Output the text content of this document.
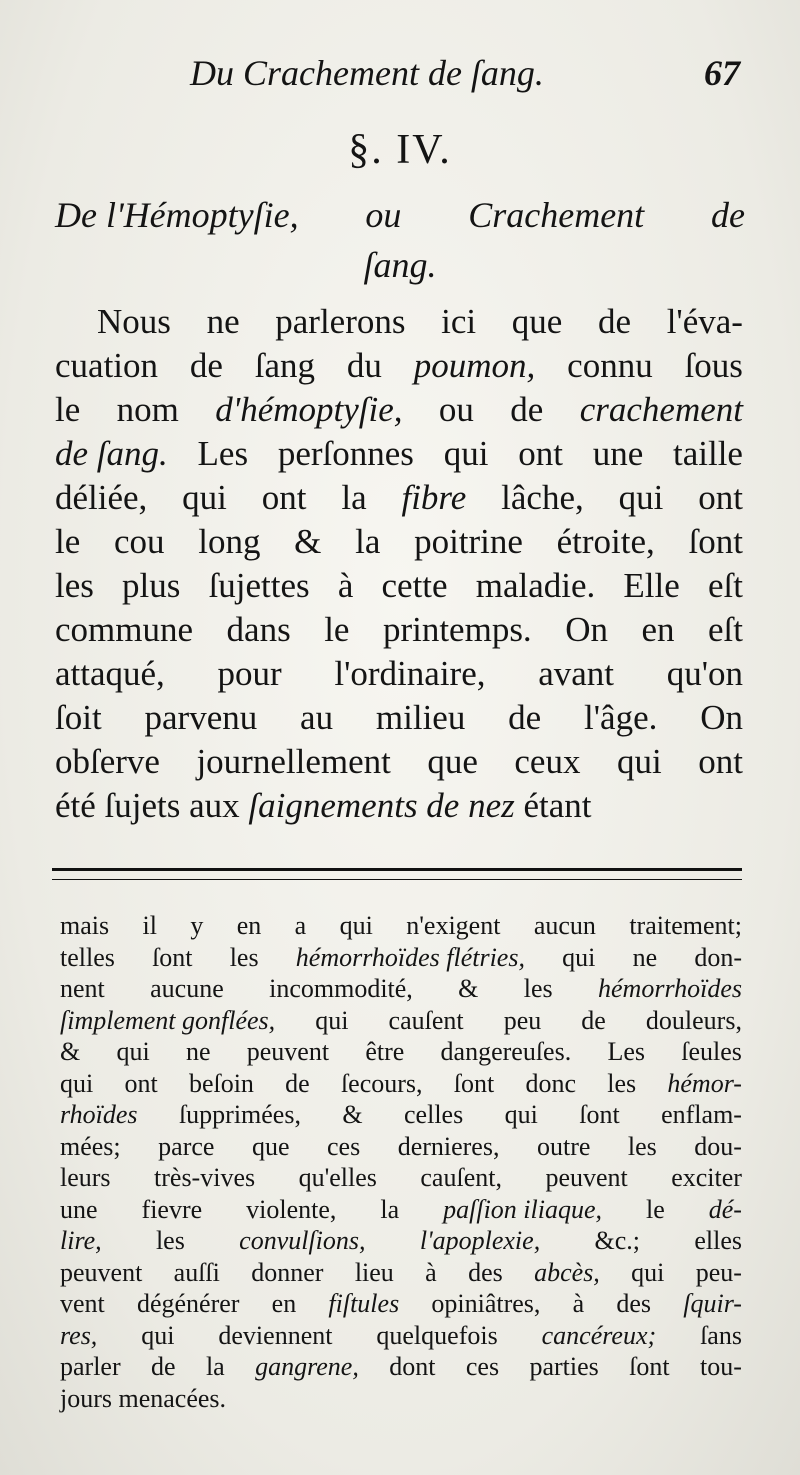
Du Crachement de ſang.	67
§. IV.
De l'Hémoptyſie, ou Crachement de
ſang.
Nous ne parlerons ici que de l'éva-
cuation de ſang du poumon, connu ſous
le nom d'hémoptyſie, ou de crachement
de ſang. Les perſonnes qui ont une taille
déliée, qui ont la fibre lâche, qui ont
le cou long & la poitrine étroite, ſont
les plus ſujettes à cette maladie. Elle eſt
commune dans le printemps. On en eſt
attaqué, pour l'ordinaire, avant qu'on
ſoit parvenu au milieu de l'âge. On
obſerve journellement que ceux qui ont
été
ſujets
aux
ſaignements de nez
étant
mais il y en a qui n'exigent aucun traitement;
telles ſont les hémorrhoïdes flétries, qui ne don-
nent aucune incommodité, & les hémorrhoïdes
ſimplement gonflées, qui cauſent peu de douleurs,
& qui ne peuvent être dangereuſes. Les ſeules
qui ont beſoin de ſecours, ſont donc les hémor-
rhoïdes ſupprimées, & celles qui ſont enflam-
mées; parce que ces dernieres, outre les dou-
leurs très-vives qu'elles cauſent, peuvent exciter
une fievre violente, la paſſion iliaque, le dé-
lire, les convulſions, l'apoplexie, &c.; elles
peuvent auſſi donner lieu à des abcès, qui peu-
vent dégénérer en fiſtules opiniâtres, à des ſquir-
res, qui deviennent quelquefois cancéreux; ſans
parler de la gangrene, dont ces parties ſont tou-
jours
menacées.
